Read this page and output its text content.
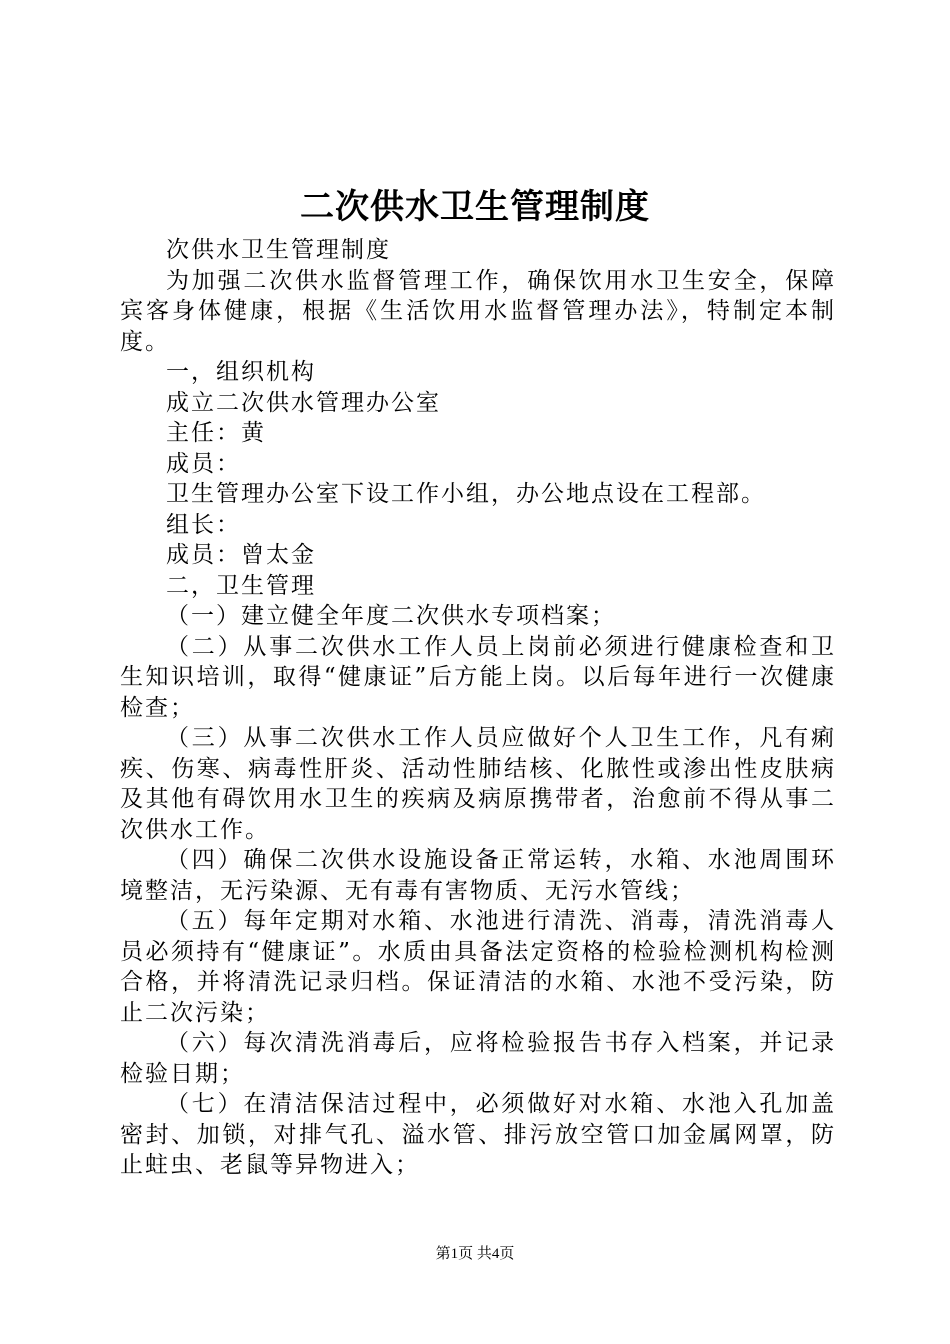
二次供水卫生管理制度

次供水卫生管理制度

为加强二次供水监督管理工作，确保饮用水卫生安全，保障宾客身体健康，根据《生活饮用水监督管理办法》，特制定本制度。

一，组织机构

成立二次供水管理办公室

主任：黄

成员：

卫生管理办公室下设工作小组，办公地点设在工程部。

组长：

成员：曾太金

二，卫生管理

（一）建立健全年度二次供水专项档案；

（二）从事二次供水工作人员上岗前必须进行健康检查和卫生知识培训，取得“健康证”后方能上岗。以后每年进行一次健康检查；

（三）从事二次供水工作人员应做好个人卫生工作，凡有痢疾、伤寒、病毒性肝炎、活动性肺结核、化脓性或渗出性皮肤病及其他有碍饮用水卫生的疾病及病原携带者，治愈前不得从事二次供水工作。

（四）确保二次供水设施设备正常运转，水箱、水池周围环境整洁，无污染源、无有毒有害物质、无污水管线；

（五）每年定期对水箱、水池进行清洗、消毒，清洗消毒人员必须持有“健康证”。水质由具备法定资格的检验检测机构检测合格，并将清洗记录归档。保证清洁的水箱、水池不受污染，防止二次污染；

（六）每次清洗消毒后，应将检验报告书存入档案，并记录检验日期；

（七）在清洁保洁过程中，必须做好对水箱、水池入孔加盖密封、加锁，对排气孔、溢水管、排污放空管口加金属网罩，防止蛀虫、老鼠等异物进入；

第1页 共4页
